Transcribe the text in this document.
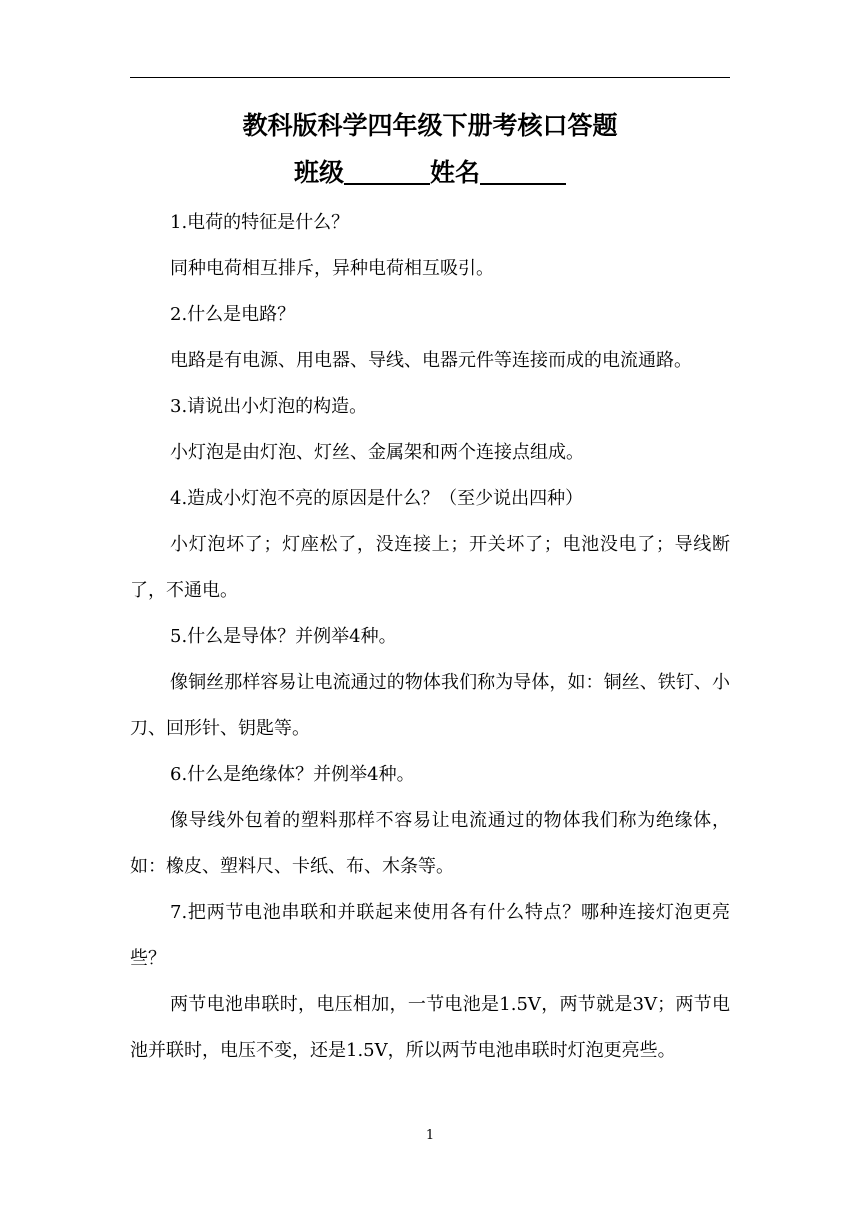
教科版科学四年级下册考核口答题
班级	姓名

1.电荷的特征是什么？

同种电荷相互排斥，异种电荷相互吸引。

2.什么是电路？

电路是有电源、用电器、导线、电器元件等连接而成的电流通路。

3.请说出小灯泡的构造。

小灯泡是由灯泡、灯丝、金属架和两个连接点组成。

4.造成小灯泡不亮的原因是什么？（至少说出四种）

小灯泡坏了；灯座松了，没连接上；开关坏了；电池没电了；导线断了，不通电。

5.什么是导体？并例举4种。

像铜丝那样容易让电流通过的物体我们称为导体，如：铜丝、铁钉、小刀、回形针、钥匙等。

6.什么是绝缘体？并例举4种。

像导线外包着的塑料那样不容易让电流通过的物体我们称为绝缘体，如：橡皮、塑料尺、卡纸、布、木条等。

7.把两节电池串联和并联起来使用各有什么特点？哪种连接灯泡更亮些？

两节电池串联时，电压相加，一节电池是1.5V，两节就是3V；两节电池并联时，电压不变，还是1.5V，所以两节电池串联时灯泡更亮些。

1
